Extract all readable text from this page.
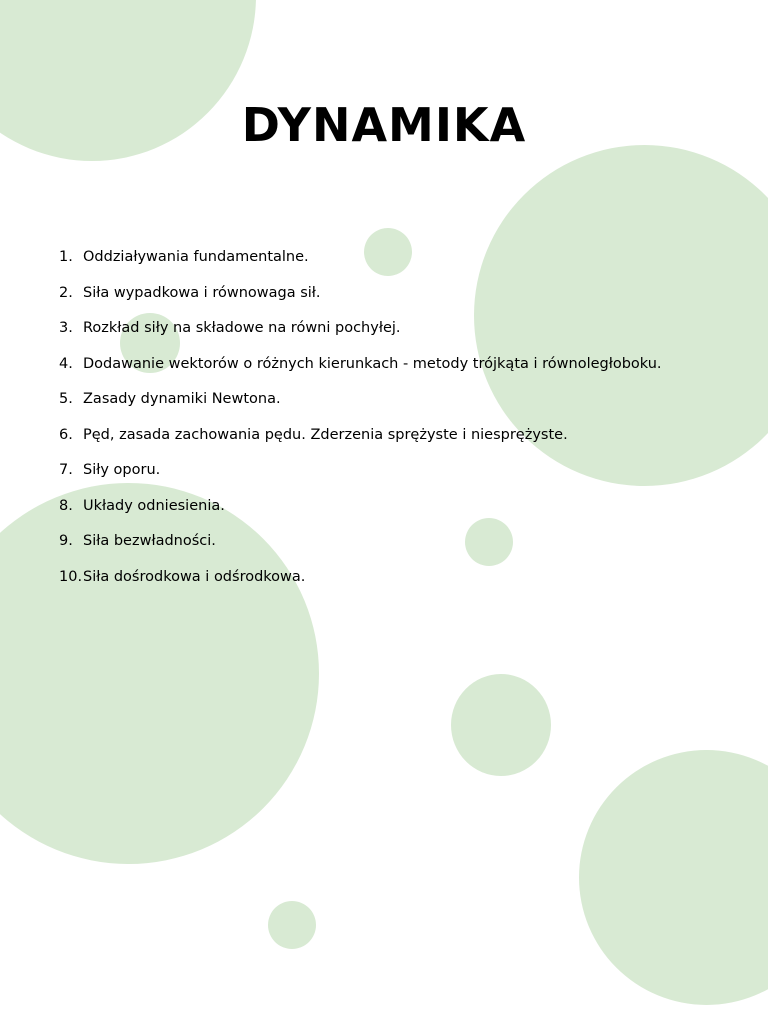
DYNAMIKA
1. Oddziaływania fundamentalne.
2. Siła wypadkowa i równowaga sił.
3. Rozkład siły na składowe na równi pochyłej.
4. Dodawanie wektorów o różnych kierunkach - metody trójkąta i równoległoboku.
5. Zasady dynamiki Newtona.
6. Pęd, zasada zachowania pędu. Zderzenia sprężyste i niesprężyste.
7. Siły oporu.
8. Układy odniesienia.
9. Siła bezwładności.
10.Siła dośrodkowa i odśrodkowa.
